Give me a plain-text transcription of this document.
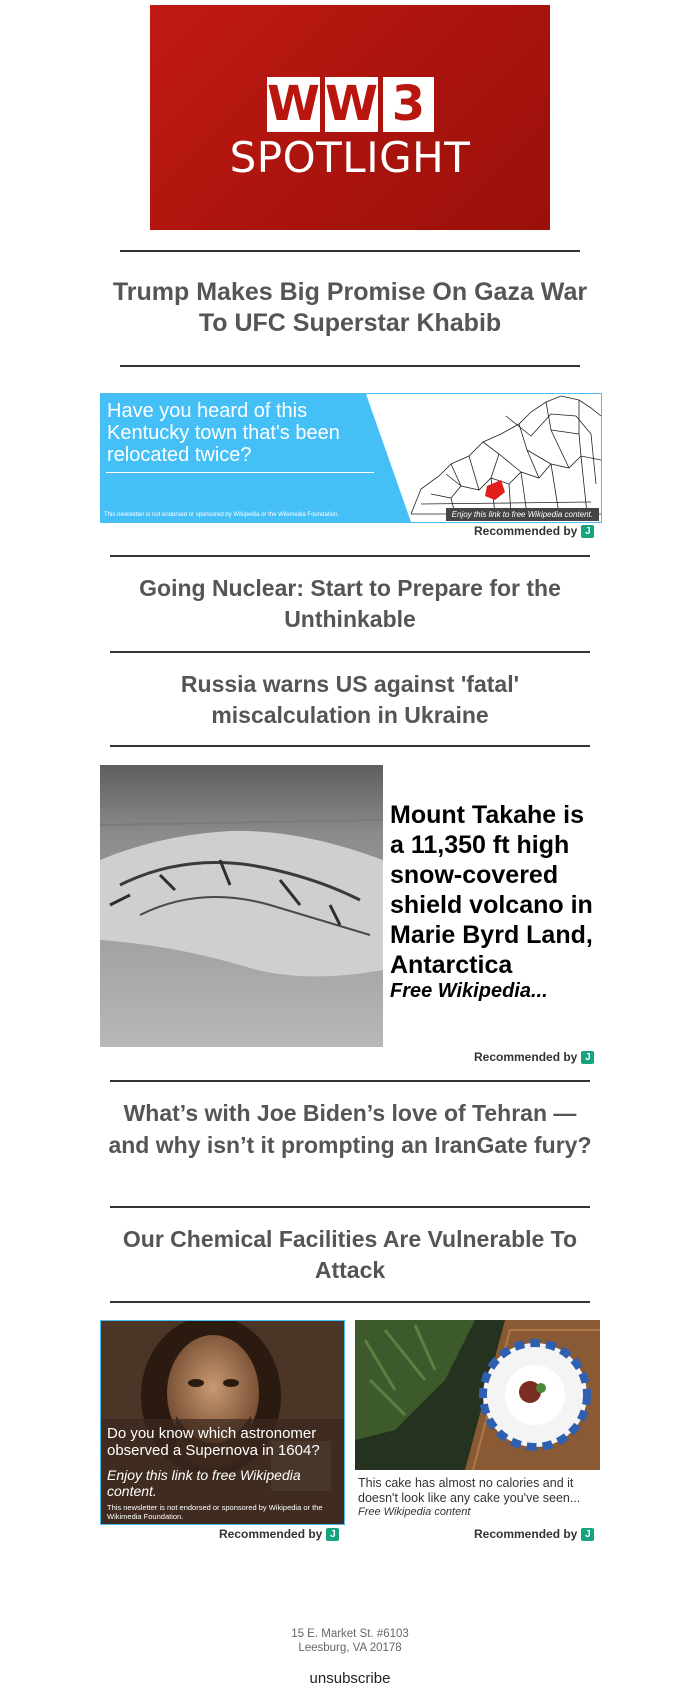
W W 3
SPOTLIGHT
Trump Makes Big Promise On Gaza War To UFC Superstar Khabib
Have you heard of this Kentucky town that's been relocated twice?
This newsletter is not endorsed or sponsored by Wikipedia or the Wikimedia Foundation.	Enjoy this link to free Wikipedia content.
Recommended by J
Going Nuclear: Start to Prepare for the Unthinkable
Russia warns US against 'fatal' miscalculation in Ukraine
Mount Takahe is a 11,350 ft high snow-covered shield volcano in Marie Byrd Land, Antarctica
Free Wikipedia...
Recommended by J
What’s with Joe Biden’s love of Tehran — and why isn’t it prompting an IranGate fury?
Our Chemical Facilities Are Vulnerable To Attack
Do you know which astronomer observed a Supernova in 1604?
Enjoy this link to free Wikipedia content.
This newsletter is not endorsed or sponsored by Wikipedia or the Wikimedia Foundation.
Recommended by J
This cake has almost no calories and it doesn't look like any cake you've seen...
Free Wikipedia content
Recommended by J
15 E. Market St. #6103
Leesburg, VA 20178
unsubscribe
